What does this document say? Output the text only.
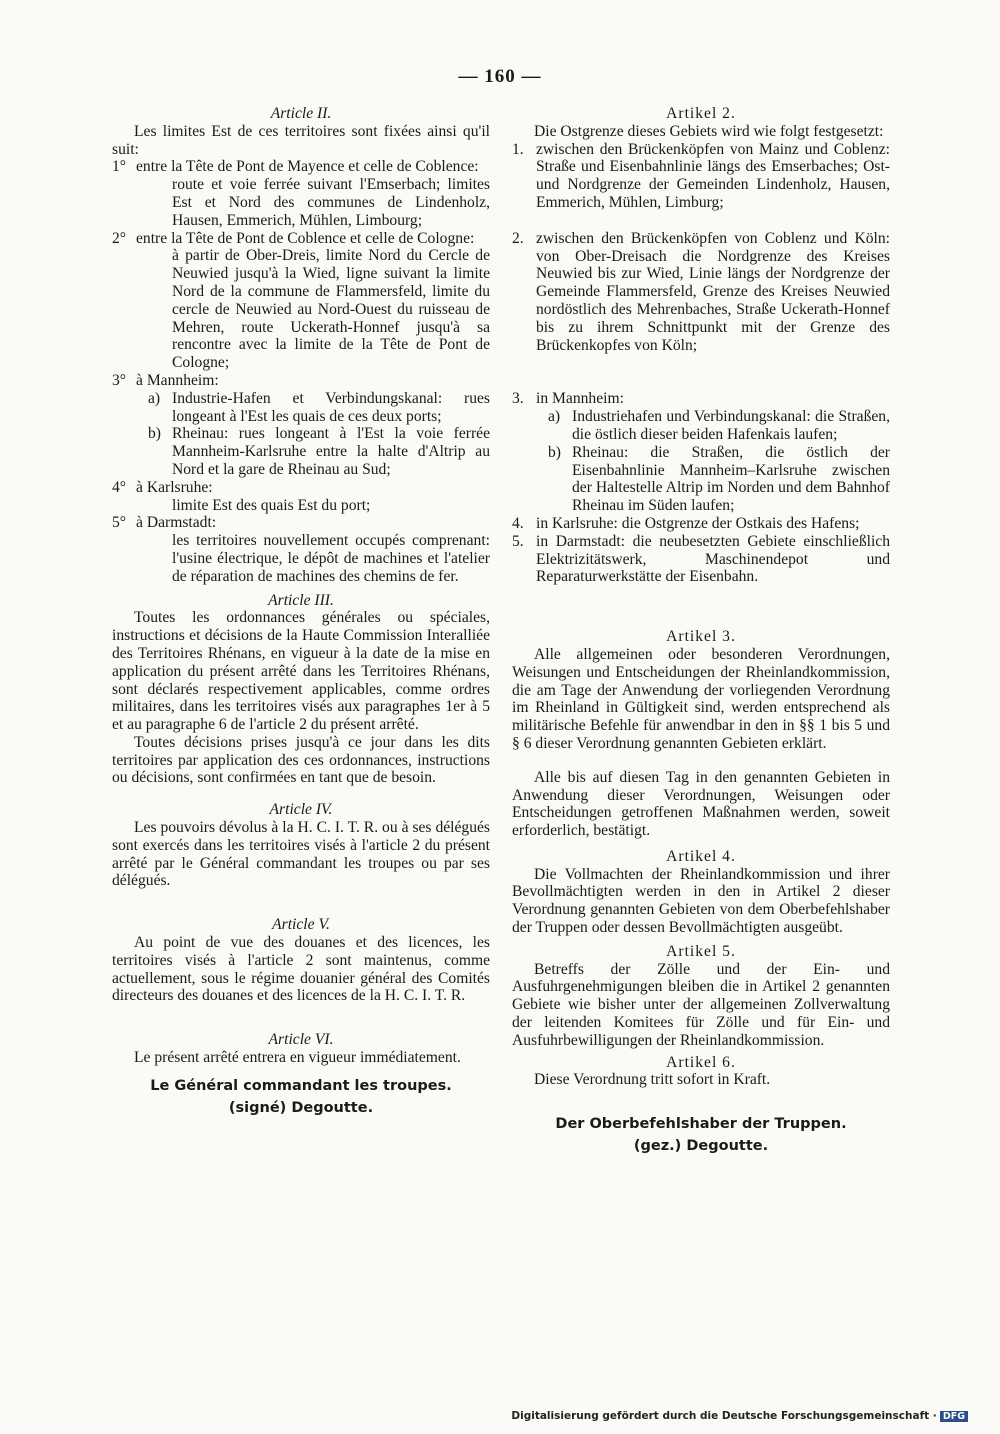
— 160 —
Article II.

Les limites Est de ces territoires sont fixées ainsi qu'il suit:

1° entre la Tête de Pont de Mayence et celle de Coblence:

route et voie ferrée suivant l'Emserbach; limites Est et Nord des communes de Lindenholz, Hausen, Emmerich, Mühlen, Limbourg;

2° entre la Tête de Pont de Coblence et celle de Cologne:

à partir de Ober-Dreis, limite Nord du Cercle de Neuwied jusqu'à la Wied, ligne suivant la limite Nord de la commune de Flammersfeld, limite du cercle de Neuwied au Nord-Ouest du ruisseau de Mehren, route Uckerath-Honnef jusqu'à sa rencontre avec la limite de la Tête de Pont de Cologne;

3° à Mannheim:
a) Industrie-Hafen et Verbindungskanal: rues longeant à l'Est les quais de ces deux ports;
b) Rheinau: rues longeant à l'Est la voie ferrée Mannheim-Karlsruhe entre la halte d'Altrip au Nord et la gare de Rheinau au Sud;
4° à Karlsruhe:

limite Est des quais Est du port;

5° à Darmstadt:

les territoires nouvellement occupés comprenant: l'usine électrique, le dépôt de machines et l'atelier de réparation de machines des chemins de fer.

Article III.

Toutes les ordonnances générales ou spéciales, instructions et décisions de la Haute Commission Interalliée des Territoires Rhénans, en vigueur à la date de la mise en application du présent arrêté dans les Territoires Rhénans, sont déclarés respectivement applicables, comme ordres militaires, dans les territoires visés aux paragraphes 1er à 5 et au paragraphe 6 de l'article 2 du présent arrêté.

Toutes décisions prises jusqu'à ce jour dans les dits territoires par application des ces ordonnances, instructions ou décisions, sont confirmées en tant que de besoin.

Article IV.

Les pouvoirs dévolus à la H. C. I. T. R. ou à ses délégués sont exercés dans les territoires visés à l'article 2 du présent arrêté par le Général commandant les troupes ou par ses délégués.

Article V.

Au point de vue des douanes et des licences, les territoires visés à l'article 2 sont maintenus, comme actuellement, sous le régime douanier général des Comités directeurs des douanes et des licences de la H. C. I. T. R.

Article VI.

Le présent arrêté entrera en vigueur immédiatement.

Le Général commandant les troupes.
(signé) Degoutte.
Artikel 2.

Die Ostgrenze dieses Gebiets wird wie folgt festgesetzt:

1. zwischen den Brückenköpfen von Mainz und Coblenz: Straße und Eisenbahnlinie längs des Emserbaches; Ost- und Nordgrenze der Gemeinden Lindenholz, Hausen, Emmerich, Mühlen, Limburg;
2. zwischen den Brückenköpfen von Coblenz und Köln: von Ober-Dreisach die Nordgrenze des Kreises Neuwied bis zur Wied, Linie längs der Nordgrenze der Gemeinde Flammersfeld, Grenze des Kreises Neuwied nordöstlich des Mehrenbaches, Straße Uckerath-Honnef bis zu ihrem Schnittpunkt mit der Grenze des Brückenkopfes von Köln;
3. in Mannheim:
a) Industriehafen und Verbindungskanal: die Straßen, die östlich dieser beiden Hafenkais laufen;
b) Rheinau: die Straßen, die östlich der Eisenbahnlinie Mannheim–Karlsruhe zwischen der Haltestelle Altrip im Norden und dem Bahnhof Rheinau im Süden laufen;
4. in Karlsruhe: die Ostgrenze der Ostkais des Hafens;
5. in Darmstadt: die neubesetzten Gebiete einschließlich Elektrizitätswerk, Maschinendepot und Reparaturwerkstätte der Eisenbahn.
Artikel 3.

Alle allgemeinen oder besonderen Verordnungen, Weisungen und Entscheidungen der Rheinlandkommission, die am Tage der Anwendung der vorliegenden Verordnung im Rheinland in Gültigkeit sind, werden entsprechend als militärische Befehle für anwendbar in den in §§ 1 bis 5 und § 6 dieser Verordnung genannten Gebieten erklärt.

Alle bis auf diesen Tag in den genannten Gebieten in Anwendung dieser Verordnungen, Weisungen oder Entscheidungen getroffenen Maßnahmen werden, soweit erforderlich, bestätigt.

Artikel 4.

Die Vollmachten der Rheinlandkommission und ihrer Bevollmächtigten werden in den in Artikel 2 dieser Verordnung genannten Gebieten von dem Oberbefehlshaber der Truppen oder dessen Bevollmächtigten ausgeübt.

Artikel 5.

Betreffs der Zölle und der Ein- und Ausfuhrgenehmigungen bleiben die in Artikel 2 genannten Gebiete wie bisher unter der allgemeinen Zollverwaltung der leitenden Komitees für Zölle und für Ein- und Ausfuhrbewilligungen der Rheinlandkommission.

Artikel 6.

Diese Verordnung tritt sofort in Kraft.

Der Oberbefehlshaber der Truppen.
(gez.) Degoutte.
Digitalisierung gefördert durch die Deutsche Forschungsgemeinschaft · DFG
